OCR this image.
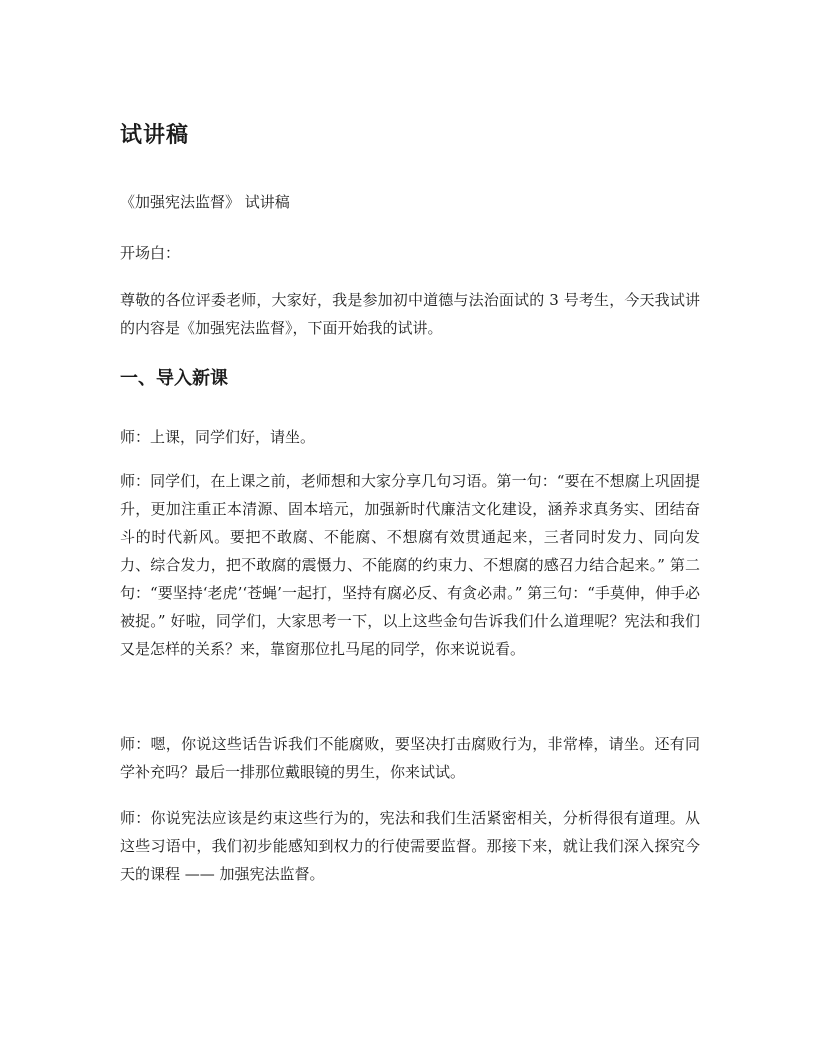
试讲稿

《加强宪法监督》 试讲稿

开场白：

尊敬的各位评委老师，大家好，我是参加初中道德与法治面试的 3 号考生，今天我试讲的内容是《加强宪法监督》，下面开始我的试讲。

一、导入新课

师：上课，同学们好，请坐。

师：同学们，在上课之前，老师想和大家分享几句习语。第一句：“要在不想腐上巩固提升，更加注重正本清源、固本培元，加强新时代廉洁文化建设，涵养求真务实、团结奋斗的时代新风。要把不敢腐、不能腐、不想腐有效贯通起来，三者同时发力、同向发力、综合发力，把不敢腐的震慑力、不能腐的约束力、不想腐的感召力结合起来。” 第二句：“要坚持‘老虎’‘苍蝇’一起打，坚持有腐必反、有贪必肃。” 第三句：“手莫伸，伸手必被捉。” 好啦，同学们，大家思考一下，以上这些金句告诉我们什么道理呢？宪法和我们又是怎样的关系？来，靠窗那位扎马尾的同学，你来说说看。

师：嗯，你说这些话告诉我们不能腐败，要坚决打击腐败行为，非常棒，请坐。还有同学补充吗？最后一排那位戴眼镜的男生，你来试试。

师：你说宪法应该是约束这些行为的，宪法和我们生活紧密相关，分析得很有道理。从这些习语中，我们初步能感知到权力的行使需要监督。那接下来，就让我们深入探究今天的课程 —— 加强宪法监督。
